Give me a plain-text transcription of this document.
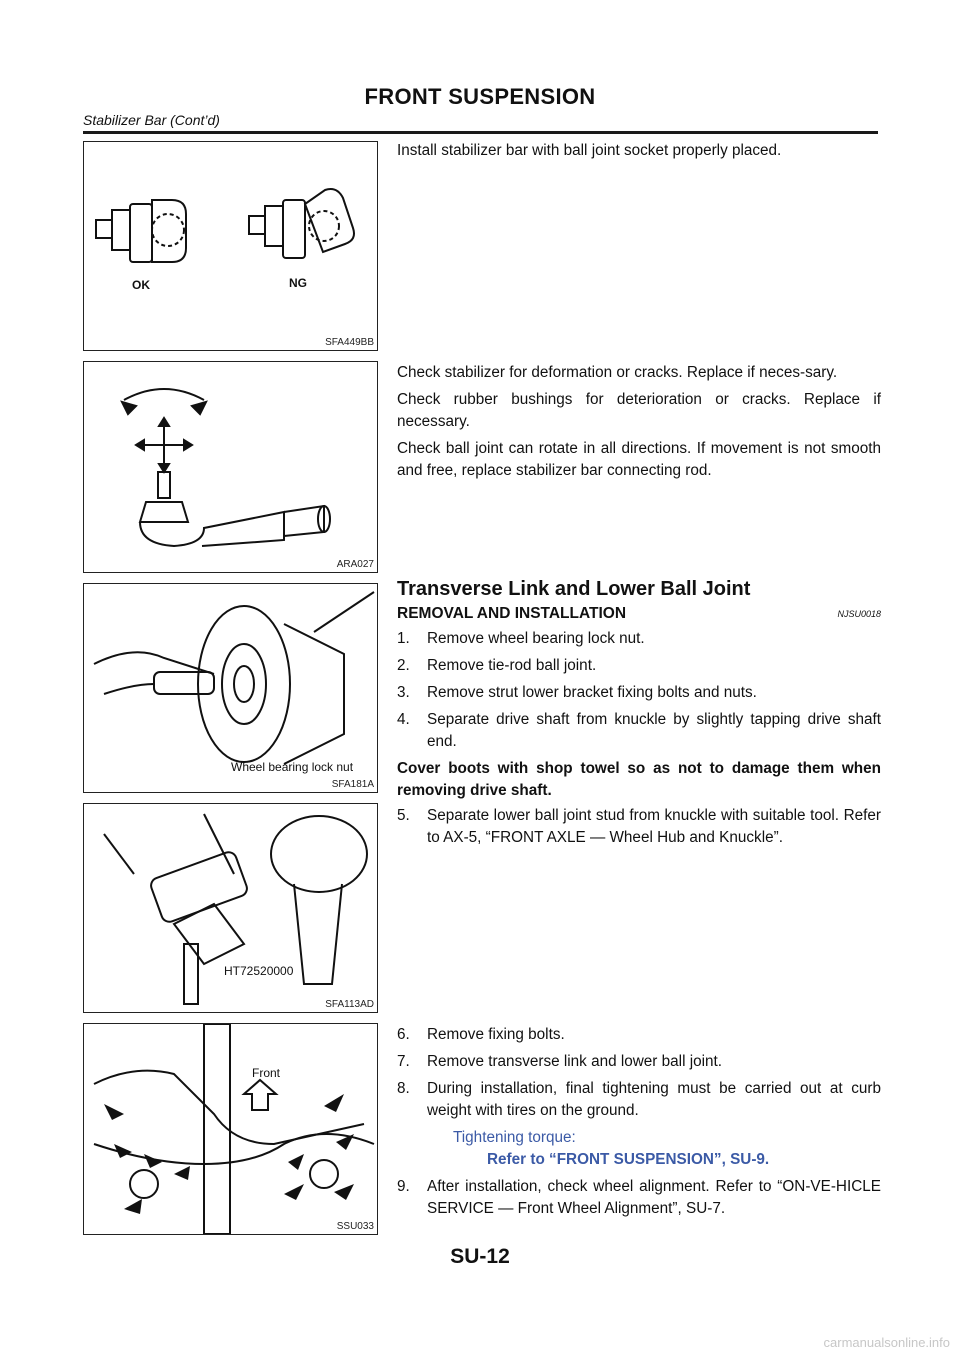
FRONT SUSPENSION
Stabilizer Bar (Cont’d)
OK	NG
SFA449BB

Install stabilizer bar with ball joint socket properly placed.

ARA027

Check stabilizer for deformation or cracks. Replace if neces-sary.

Check rubber bushings for deterioration or cracks. Replace if necessary.

Check ball joint can rotate in all directions. If movement is not smooth and free, replace stabilizer bar connecting rod.

Wheel bearing lock nut
SFA181A
Transverse Link and Lower Ball Joint
REMOVAL AND INSTALLATION	NJSU0018
1. Remove wheel bearing lock nut.
2. Remove tie-rod ball joint.
3. Remove strut lower bracket fixing bolts and nuts.
4. Separate drive shaft from knuckle by slightly tapping drive shaft end.

Cover boots with shop towel so as not to damage them when removing drive shaft.

HT72520000
SFA113AD
5. Separate lower ball joint stud from knuckle with suitable tool. Refer to AX-5, “FRONT AXLE — Wheel Hub and Knuckle”.
Front
SSU033
6. Remove fixing bolts.
7. Remove transverse link and lower ball joint.
8. During installation, final tightening must be carried out at curb weight with tires on the ground.
Tightening torque:
Refer to “FRONT SUSPENSION”, SU-9.
9. After installation, check wheel alignment. Refer to “ON-VE-HICLE SERVICE — Front Wheel Alignment”, SU-7.
SU-12
carmanualsonline.info
